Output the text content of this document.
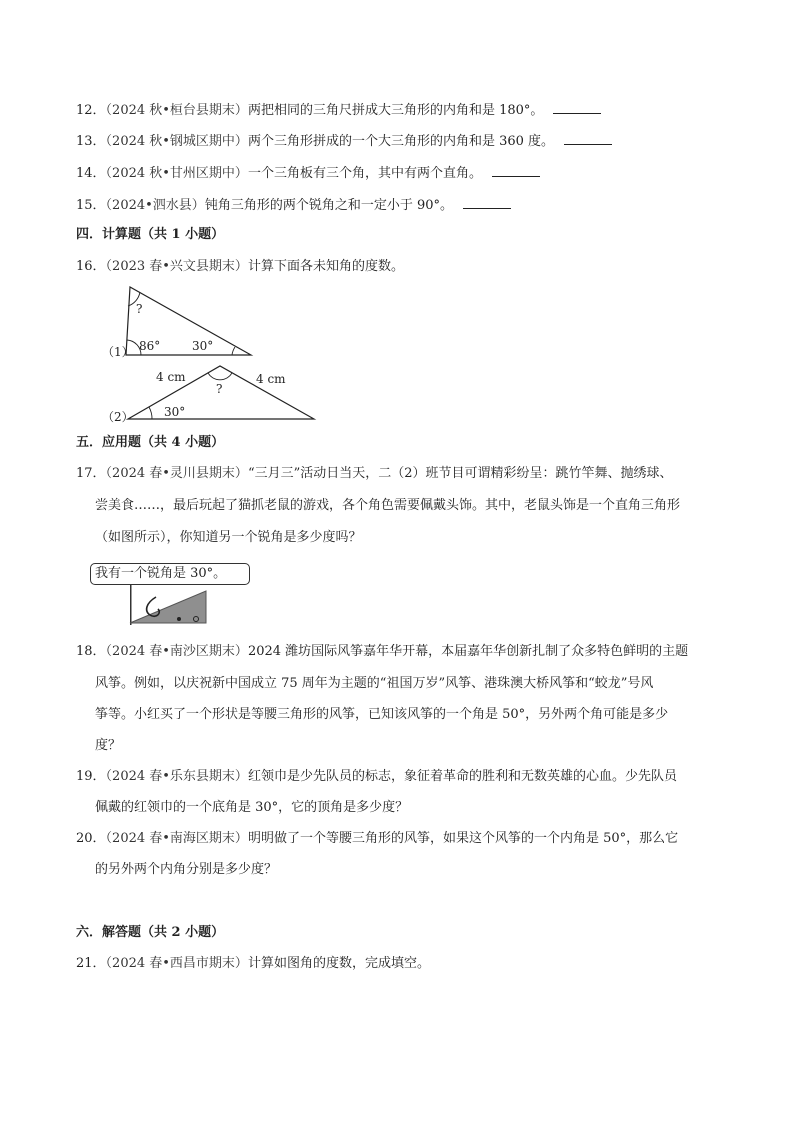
12．（2024 秋•桓台县期末）两把相同的三角尺拼成大三角形的内角和是 180°。
13．（2024 秋•钢城区期中）两个三角形拼成的一个大三角形的内角和是 360 度。
14．（2024 秋•甘州区期中）一个三角板有三个角，其中有两个直角。
15．（2024•泗水县）钝角三角形的两个锐角之和一定小于 90°。
四．计算题（共 1 小题）
16．（2023 春•兴文县期末）计算下面各未知角的度数。
（1）
?
86°	30°
（2）
4 cm	4 cm
?
30°
五．应用题（共 4 小题）
17．（2024 春•灵川县期末）“三月三”活动日当天，二（2）班节目可谓精彩纷呈：跳竹竿舞、抛绣球、
尝美食……，最后玩起了猫抓老鼠的游戏，各个角色需要佩戴头饰。其中，老鼠头饰是一个直角三角形
（如图所示），你知道另一个锐角是多少度吗？
我有一个锐角是 30°。
18．（2024 春•南沙区期末）2024 潍坊国际风筝嘉年华开幕，本届嘉年华创新扎制了众多特色鲜明的主题
风筝。例如，以庆祝新中国成立 75 周年为主题的“祖国万岁”风筝、港珠澳大桥风筝和“蛟龙”号风
筝等。小红买了一个形状是等腰三角形的风筝，已知该风筝的一个角是 50°，另外两个角可能是多少
度？
19．（2024 春•乐东县期末）红领巾是少先队员的标志，象征着革命的胜利和无数英雄的心血。少先队员
佩戴的红领巾的一个底角是 30°，它的顶角是多少度？
20．（2024 春•南海区期末）明明做了一个等腰三角形的风筝，如果这个风筝的一个内角是 50°，那么它
的另外两个内角分别是多少度？
六．解答题（共 2 小题）
21．（2024 春•西昌市期末）计算如图角的度数，完成填空。
